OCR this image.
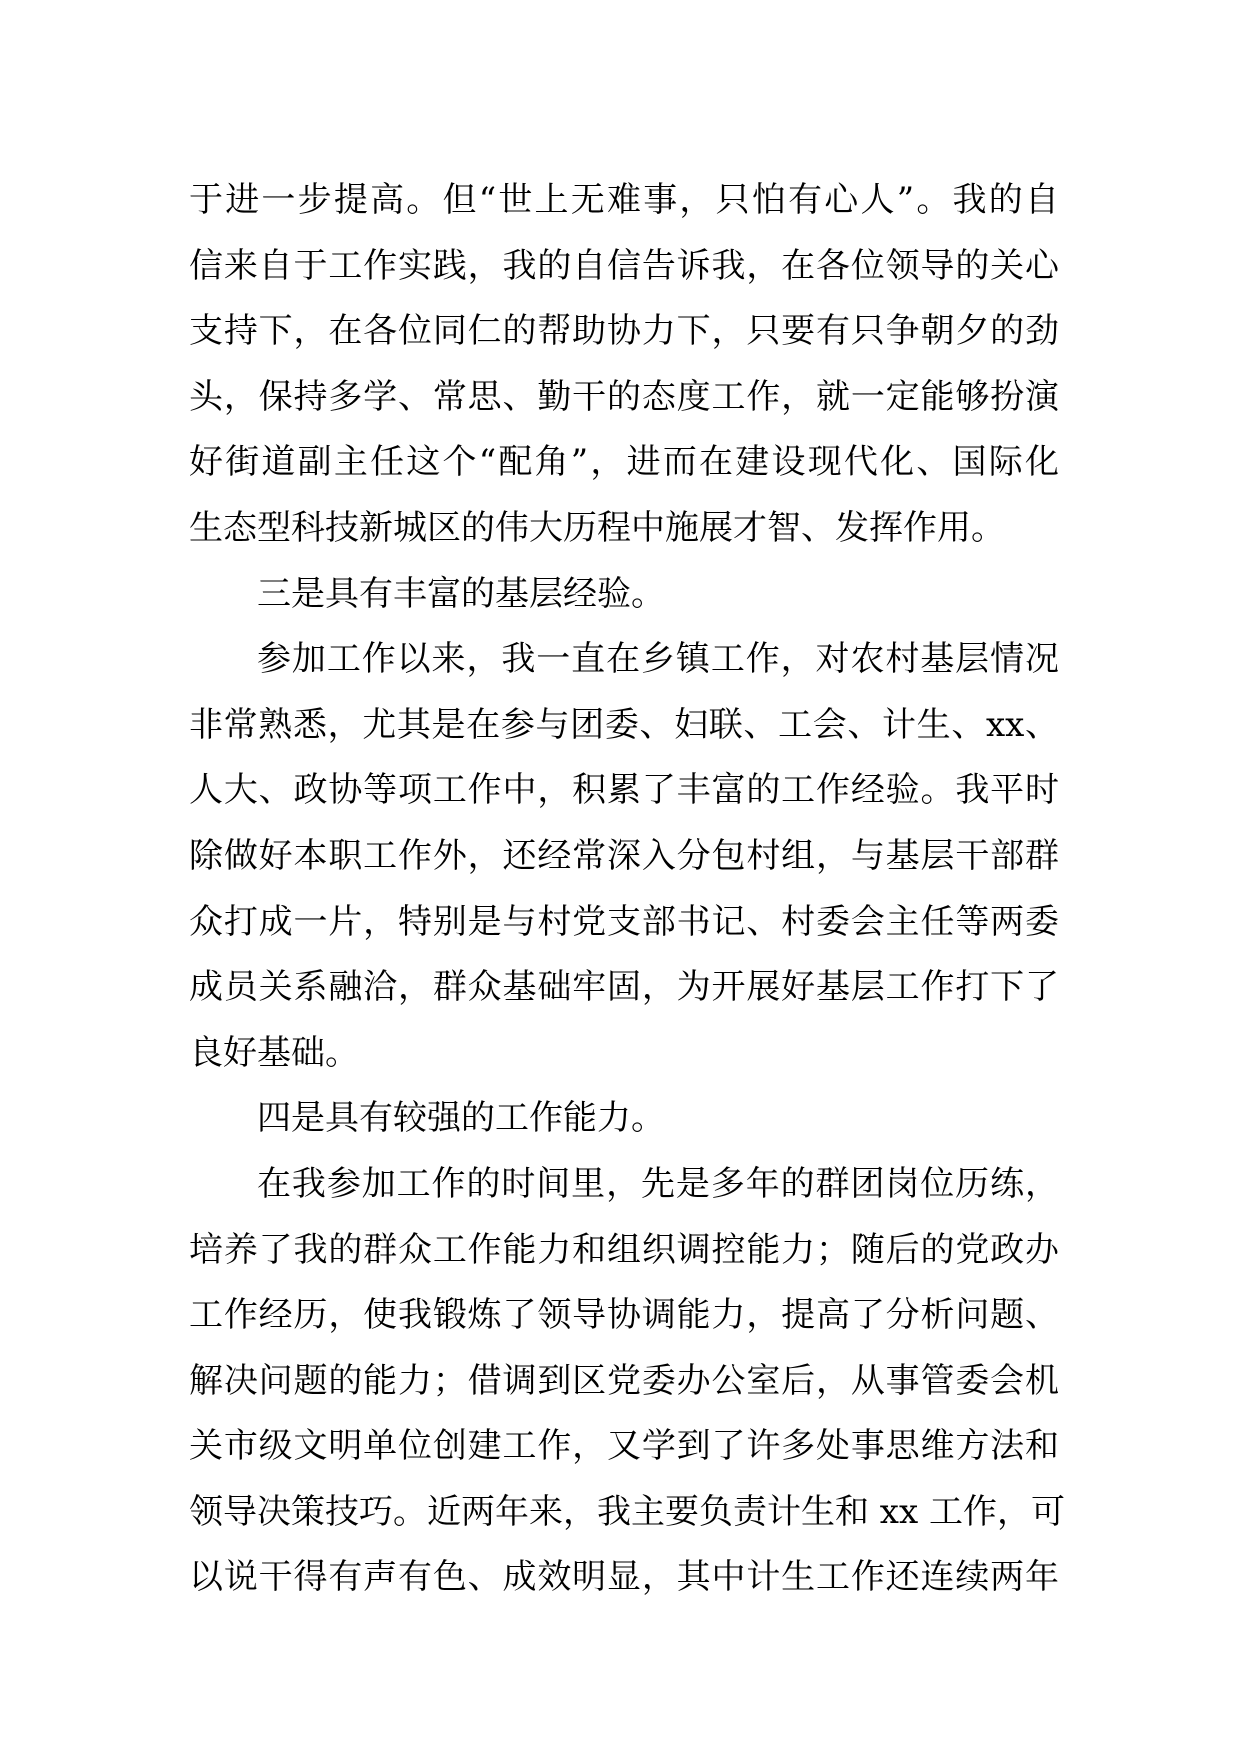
于进一步提高。但“世上无难事，只怕有心人”。我的自
信来自于工作实践，我的自信告诉我，在各位领导的关心
支持下，在各位同仁的帮助协力下，只要有只争朝夕的劲
头，保持多学、常思、勤干的态度工作，就一定能够扮演
好街道副主任这个“配角”，进而在建设现代化、国际化
生态型科技新城区的伟大历程中施展才智、发挥作用。
三是具有丰富的基层经验。
参加工作以来，我一直在乡镇工作，对农村基层情况
非常熟悉，尤其是在参与团委、妇联、工会、计生、xx、
人大、政协等项工作中，积累了丰富的工作经验。我平时
除做好本职工作外，还经常深入分包村组，与基层干部群
众打成一片，特别是与村党支部书记、村委会主任等两委
成员关系融洽，群众基础牢固，为开展好基层工作打下了
良好基础。
四是具有较强的工作能力。
在我参加工作的时间里，先是多年的群团岗位历练，
培养了我的群众工作能力和组织调控能力；随后的党政办
工作经历，使我锻炼了领导协调能力，提高了分析问题、
解决问题的能力；借调到区党委办公室后，从事管委会机
关市级文明单位创建工作，又学到了许多处事思维方法和
领导决策技巧。近两年来，我主要负责计生和 xx 工作，可
以说干得有声有色、成效明显，其中计生工作还连续两年
